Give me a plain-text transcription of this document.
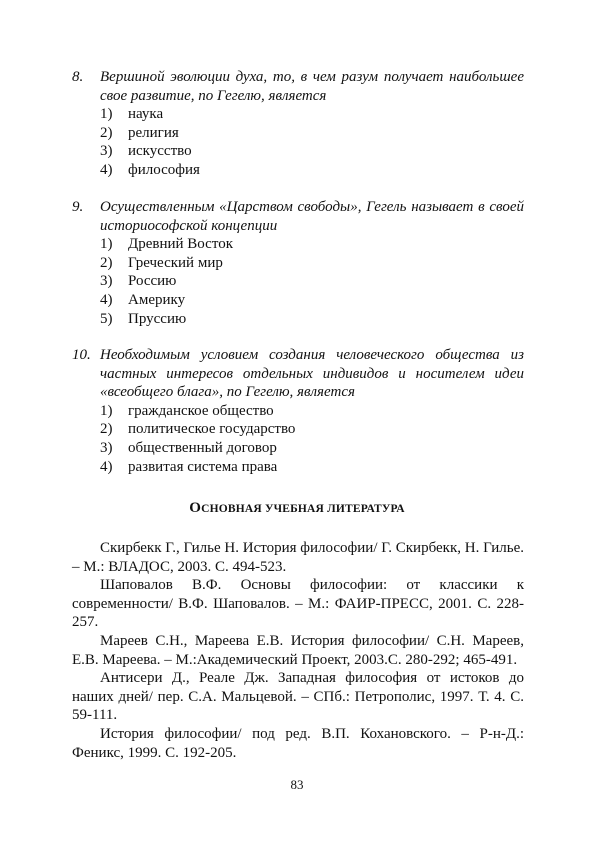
8. Вершиной эволюции духа, то, в чем разум получает наибольшее свое развитие, по Гегелю, является
1) наука
2) религия
3) искусство
4) философия
9. Осуществленным «Царством свободы», Гегель называет в своей историософской концепции
1) Древний Восток
2) Греческий мир
3) Россию
4) Америку
5) Пруссию
10. Необходимым условием создания человеческого общества из частных интересов отдельных индивидов и носителем идеи «всеобщего блага», по Гегелю, является
1) гражданское общество
2) политическое государство
3) общественный договор
4) развитая система права
ОСНОВНАЯ УЧЕБНАЯ ЛИТЕРАТУРА

Скирбекк Г., Гилье Н. История философии/ Г. Скирбекк, Н. Гилье. – М.: ВЛАДОС, 2003. С. 494-523.

Шаповалов В.Ф. Основы философии: от классики к современности/ В.Ф. Шаповалов. – М.: ФАИР-ПРЕСС, 2001. С. 228-257.

Мареев С.Н., Мареева Е.В. История философии/ С.Н. Мареев, Е.В. Мареева. – М.:Академический Проект, 2003.С. 280-292; 465-491.

Антисери Д., Реале Дж. Западная философия от истоков до наших дней/ пер. С.А. Мальцевой. – СПб.: Петрополис, 1997. Т. 4. С. 59-111.

История философии/ под ред. В.П. Кохановского. – Р-н-Д.: Феникс, 1999. С. 192-205.

83
